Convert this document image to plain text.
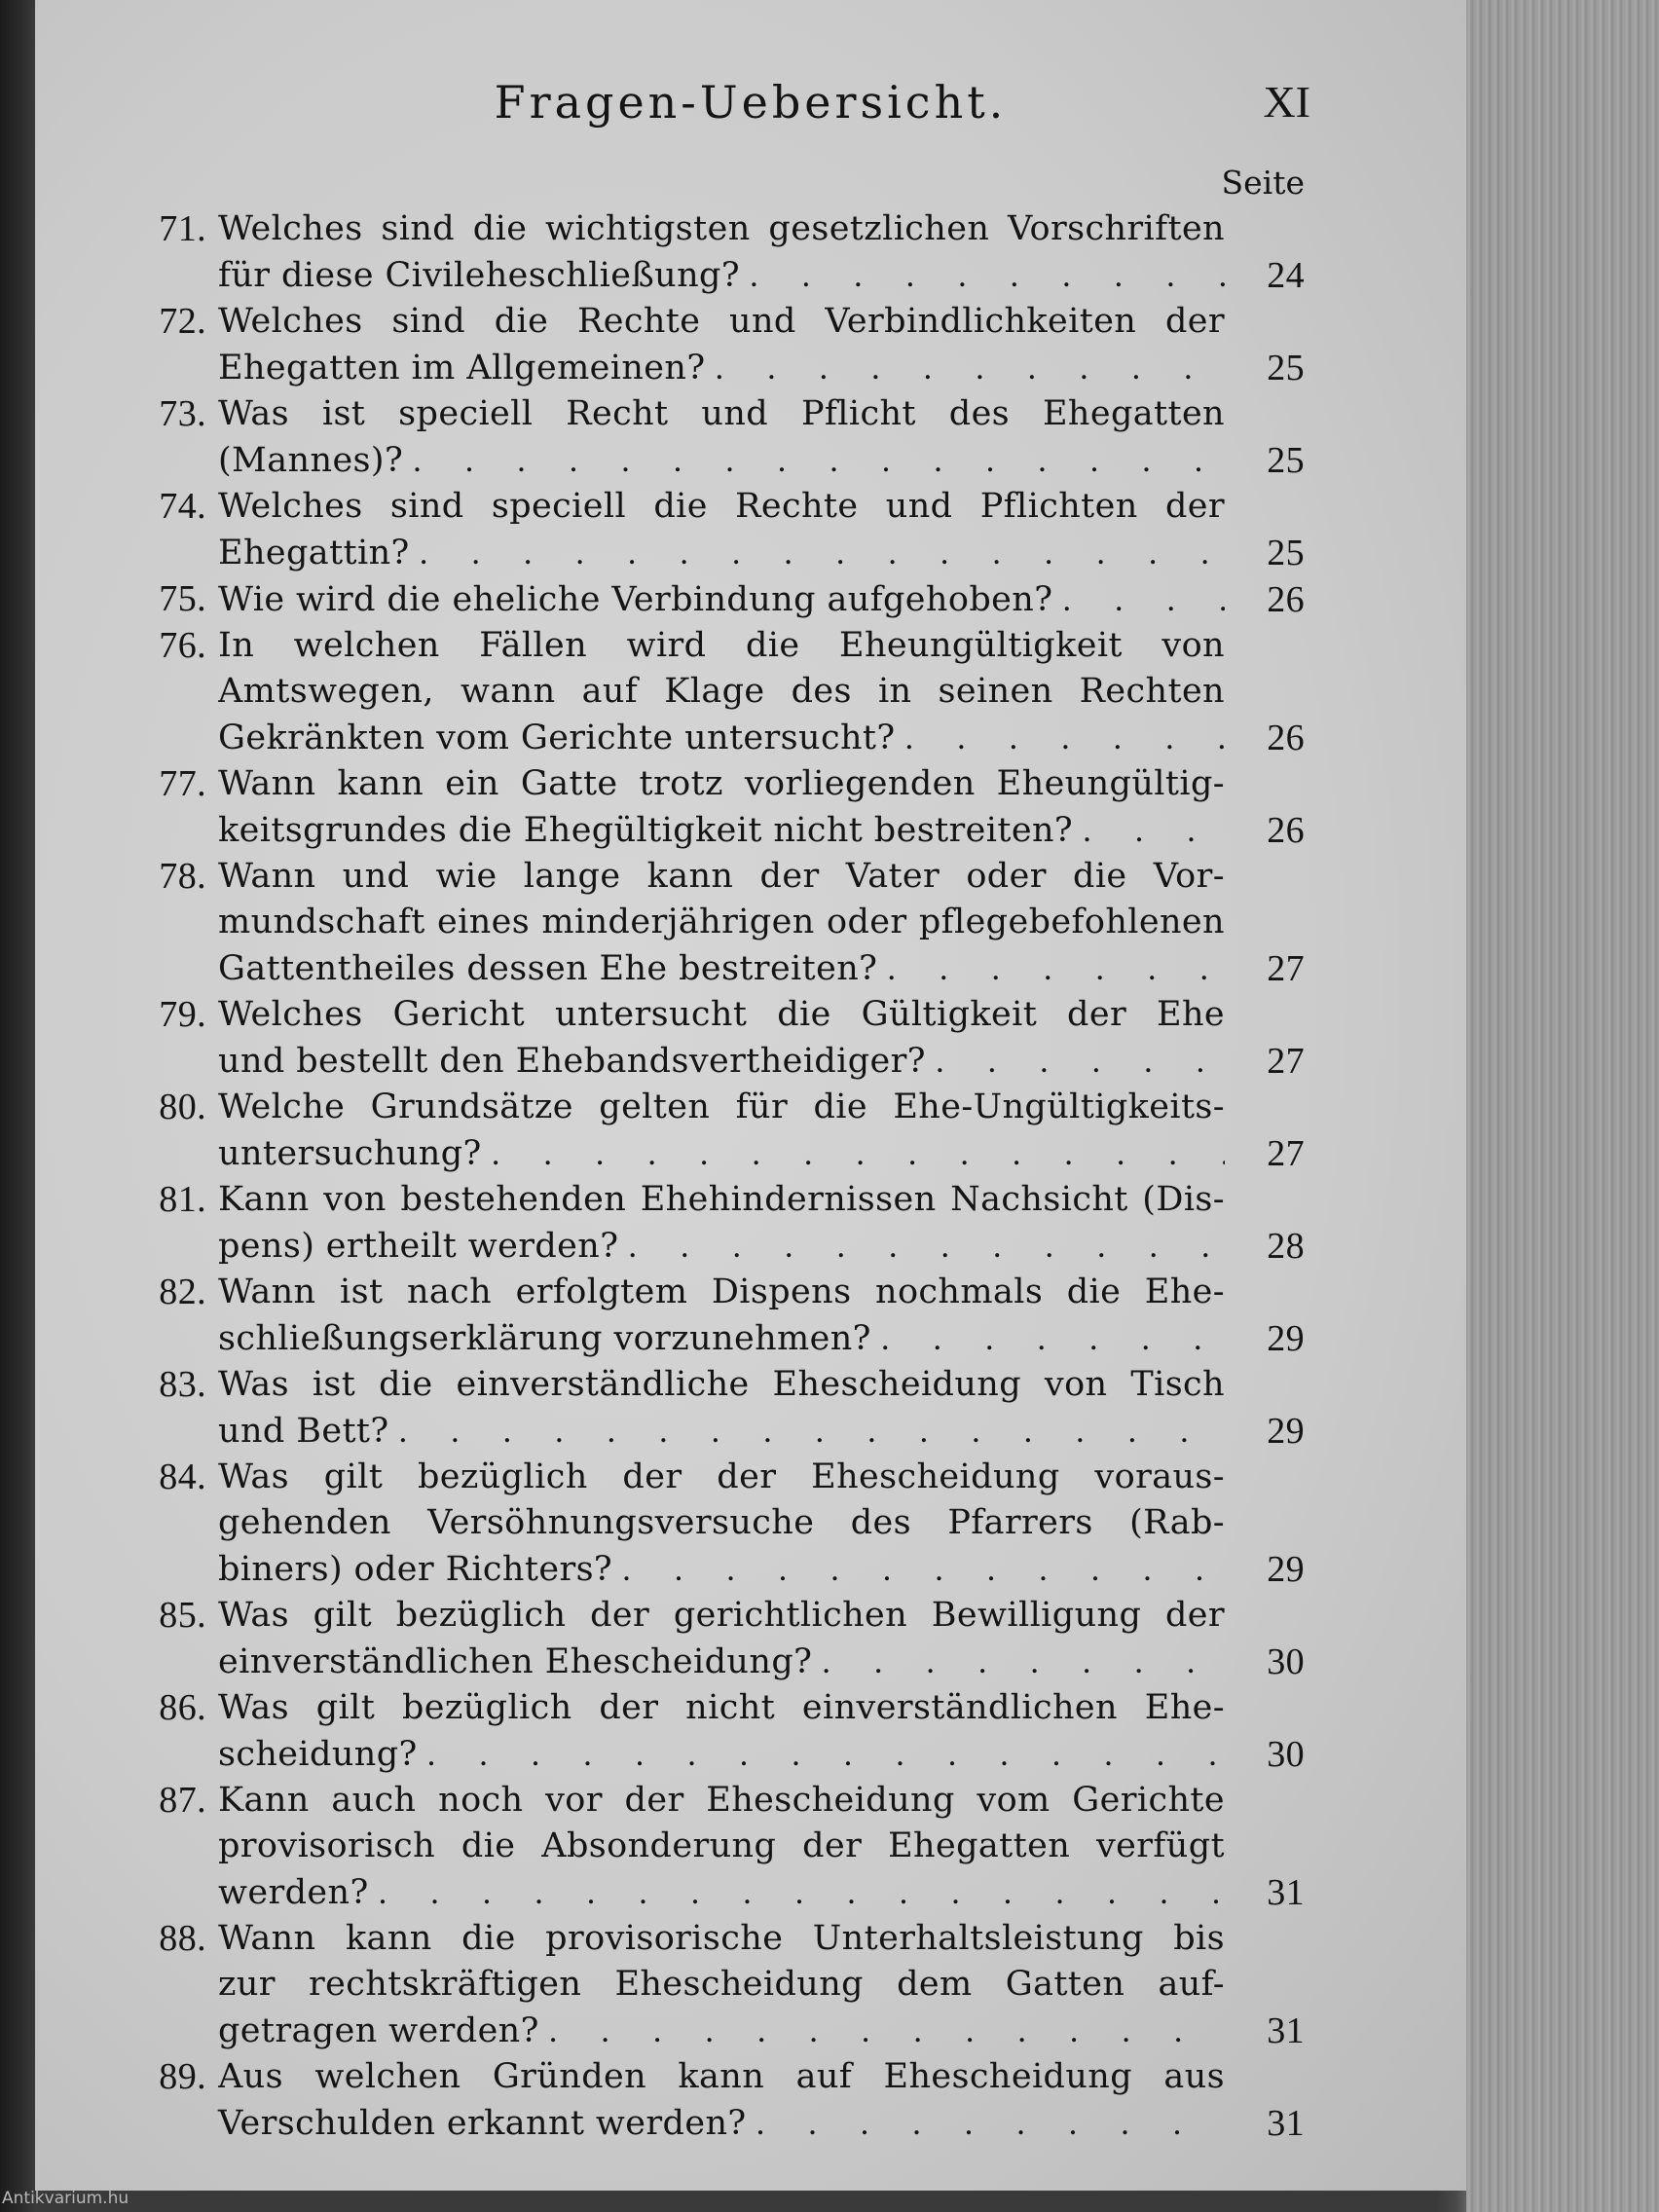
Fragen-Uebersicht.	XI
Seite
71. Welches sind die wichtigsten gesetzlichen Vorschriften
für diese Civileheschließung? . . .	24
72. Welches sind die Rechte und Verbindlichkeiten der
Ehegatten im Allgemeinen? . . .	25
73. Was ist speciell Recht und Pflicht des Ehegatten
(Mannes)? . . .	25
74. Welches sind speciell die Rechte und Pflichten der
Ehegattin? . . .	25
75. Wie wird die eheliche Verbindung aufgehoben? . . .	26
76. In welchen Fällen wird die Eheungültigkeit von
Amtswegen, wann auf Klage des in seinen Rechten
Gekränkten vom Gerichte untersucht? . . .	26
77. Wann kann ein Gatte trotz vorliegenden Eheungültig-
keitsgrundes die Ehegültigkeit nicht bestreiten? . . .	26
78. Wann und wie lange kann der Vater oder die Vor-
mundschaft eines minderjährigen oder pflegebefohlenen
Gattentheiles dessen Ehe bestreiten? . . .	27
79. Welches Gericht untersucht die Gültigkeit der Ehe
und bestellt den Ehebandsvertheidiger? . . .	27
80. Welche Grundsätze gelten für die Ehe-Ungültigkeits-
untersuchung? . . .	27
81. Kann von bestehenden Ehehindernissen Nachsicht (Dis-
pens) ertheilt werden? . . .	28
82. Wann ist nach erfolgtem Dispens nochmals die Ehe-
schließungserklärung vorzunehmen? . . .	29
83. Was ist die einverständliche Ehescheidung von Tisch
und Bett? . . .	29
84. Was gilt bezüglich der der Ehescheidung voraus-
gehenden Versöhnungsversuche des Pfarrers (Rab-
biners) oder Richters? . . .	29
85. Was gilt bezüglich der gerichtlichen Bewilligung der
einverständlichen Ehescheidung? . . .	30
86. Was gilt bezüglich der nicht einverständlichen Ehe-
scheidung? . . .	30
87. Kann auch noch vor der Ehescheidung vom Gerichte
provisorisch die Absonderung der Ehegatten verfügt
werden? . . .	31
88. Wann kann die provisorische Unterhaltsleistung bis
zur rechtskräftigen Ehescheidung dem Gatten auf-
getragen werden? . . .	31
89. Aus welchen Gründen kann auf Ehescheidung aus
Verschulden erkannt werden? . . .	31
Antikvarium.hu
